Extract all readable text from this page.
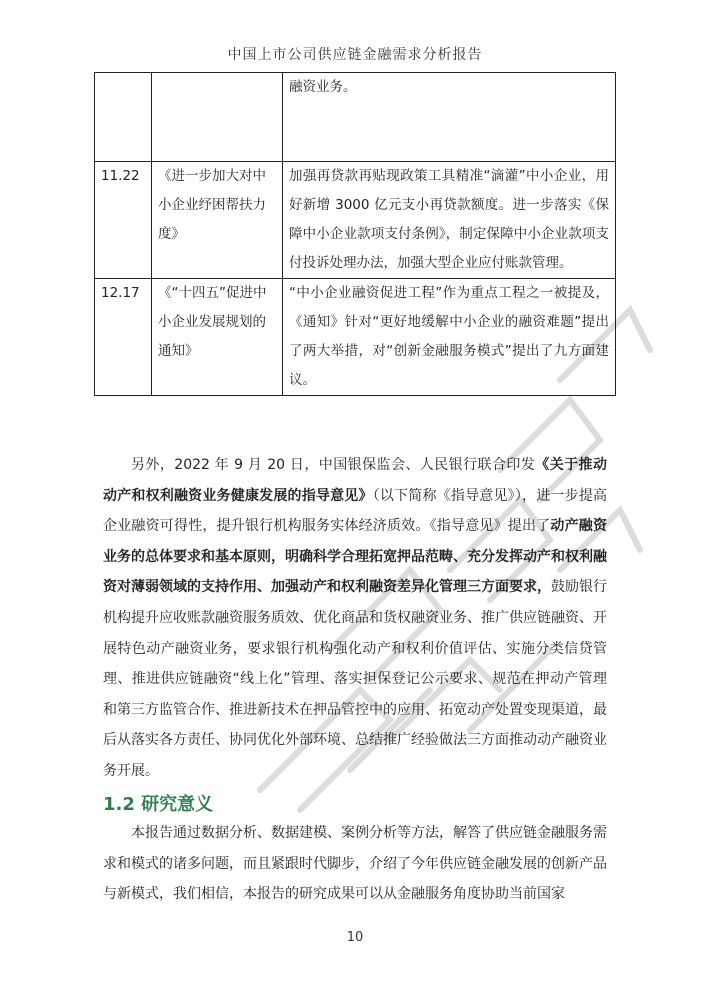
中国上市公司供应链金融需求分析报告
		融资业务。
11.22	《进一步加大对中小企业纾困帮扶力度》	加强再贷款再贴现政策工具精准“滴灌”中小企业，用好新增 3000 亿元支小再贷款额度。进一步落实《保障中小企业款项支付条例》，制定保障中小企业款项支付投诉处理办法，加强大型企业应付账款管理。
12.17	《“十四五”促进中小企业发展规划的通知》	“中小企业融资促进工程”作为重点工程之一被提及，《通知》针对“更好地缓解中小企业的融资难题”提出了两大举措，对“创新金融服务模式”提出了九方面建议。

另外，2022 年 9 月 20 日，中国银保监会、人民银行联合印发《关于推动动产和权利融资业务健康发展的指导意见》（以下简称《指导意见》），进一步提高企业融资可得性，提升银行机构服务实体经济质效。《指导意见》提出了动产融资业务的总体要求和基本原则，明确科学合理拓宽押品范畴、充分发挥动产和权利融资对薄弱领域的支持作用、加强动产和权利融资差异化管理三方面要求，鼓励银行机构提升应收账款融资服务质效、优化商品和货权融资业务、推广供应链融资、开展特色动产融资业务，要求银行机构强化动产和权利价值评估、实施分类信贷管理、推进供应链融资“线上化”管理、落实担保登记公示要求、规范在押动产管理和第三方监管合作、推进新技术在押品管控中的应用、拓宽动产处置变现渠道，最后从落实各方责任、协同优化外部环境、总结推广经验做法三方面推动动产融资业务开展。

1.2 研究意义

本报告通过数据分析、数据建模、案例分析等方法，解答了供应链金融服务需求和模式的诸多问题，而且紧跟时代脚步，介绍了今年供应链金融发展的创新产品与新模式，我们相信，本报告的研究成果可以从金融服务角度协助当前国家

10
